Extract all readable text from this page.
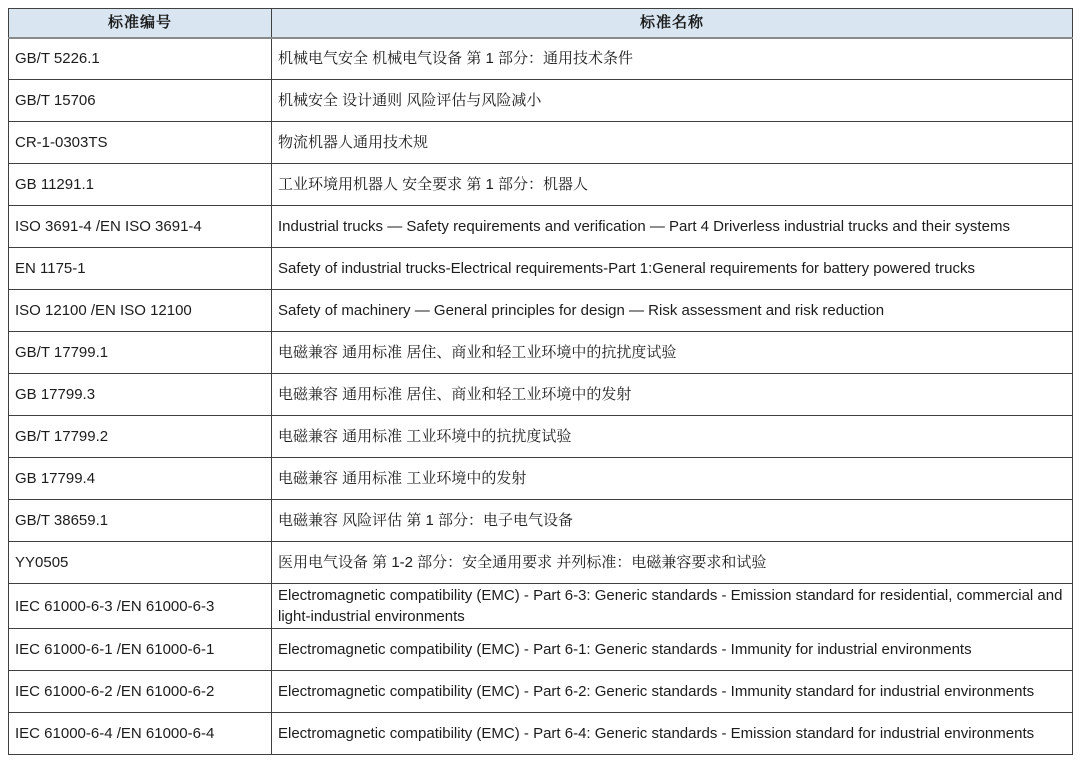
标准编号	标准名称
GB/T 5226.1	机械电气安全 机械电气设备 第 1 部分：通用技术条件
GB/T 15706	机械安全 设计通则 风险评估与风险减小
CR-1-0303TS	物流机器人通用技术规
GB 11291.1	工业环境用机器人 安全要求 第 1 部分：机器人
ISO 3691-4 /EN ISO 3691-4	Industrial trucks — Safety requirements and verification — Part 4 Driverless industrial trucks and their systems
EN 1175-1	Safety of industrial trucks-Electrical requirements-Part 1:General requirements for battery powered trucks
ISO 12100 /EN ISO 12100	Safety of machinery — General principles for design — Risk assessment and risk reduction
GB/T 17799.1	电磁兼容 通用标准 居住、商业和轻工业环境中的抗扰度试验
GB 17799.3	电磁兼容 通用标准 居住、商业和轻工业环境中的发射
GB/T 17799.2	电磁兼容 通用标准 工业环境中的抗扰度试验
GB 17799.4	电磁兼容 通用标准 工业环境中的发射
GB/T 38659.1	电磁兼容 风险评估 第 1 部分：电子电气设备
YY0505	医用电气设备 第 1-2 部分：安全通用要求 并列标准：电磁兼容要求和试验
IEC 61000-6-3 /EN 61000-6-3	Electromagnetic compatibility (EMC) - Part 6-3: Generic standards - Emission standard for residential, commercial and light-industrial environments
IEC 61000-6-1 /EN 61000-6-1	Electromagnetic compatibility (EMC) - Part 6-1: Generic standards - Immunity for industrial environments
IEC 61000-6-2 /EN 61000-6-2	Electromagnetic compatibility (EMC) - Part 6-2: Generic standards - Immunity standard for industrial environments
IEC 61000-6-4 /EN 61000-6-4	Electromagnetic compatibility (EMC) - Part 6-4: Generic standards - Emission standard for industrial environments
